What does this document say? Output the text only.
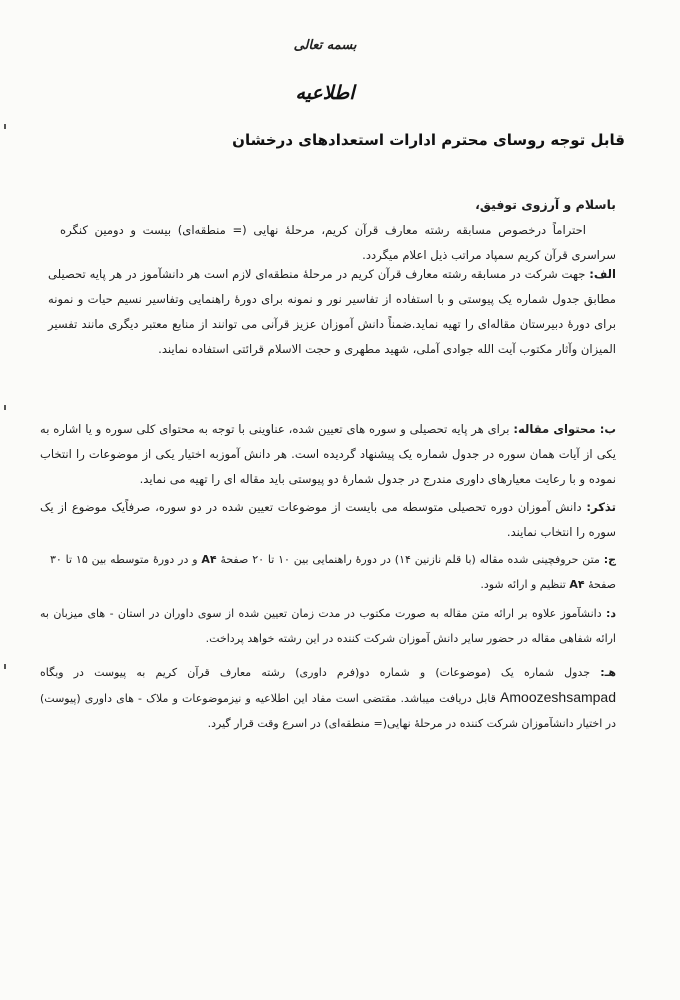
بسمه تعالی
اطلاعیه
قابل توجه روسای محترم ادارات استعدادهای درخشان
باسلام و آرزوی توفیق،
احتراماً درخصوص مسابقه رشته معارف قرآن کریم، مرحلۀ نهایی (= منطقه‌ای) بیست و دومین کنگره سراسری قرآن کریم سمپاد مراتب ذیل اعلام میگردد.
الف: جهت شرکت در مسابقه رشته معارف قرآن کریم در مرحلۀ منطقه‌ای لازم است هر دانشآموز در هر پایه تحصیلی مطابق جدول شماره یک پیوستی و با استفاده از تفاسیر نور و نمونه برای دورۀ راهنمایی وتفاسیر نسیم حیات و نمونه برای دورۀ دبیرستان مقاله‌ای را تهیه نماید.ضمناً دانش آموزان عزیز قرآنی می توانند از منابع معتبر دیگری مانند تفسیر المیزان وآثار مکتوب آیت الله جوادی آملی، شهید مطهری و حجت الاسلام قرائتی استفاده نمایند.
ب: محتوای مقاله: برای هر پایه تحصیلی و سوره های تعیین شده، عناوینی با توجه به محتوای کلی سوره و یا اشاره به یکی از آیات همان سوره در جدول شماره یک پیشنهاد گردیده است. هر دانش آموزبه اختیار یکی از موضوعات را انتخاب نموده و با رعایت معیارهای داوری مندرج در جدول شمارۀ دو پیوستی باید مقاله ای را تهیه می نماید.
تذکر: دانش آموزان دوره تحصیلی متوسطه می بایست از موضوعات تعیین شده در دو سوره، صرفاًیک موضوع از یک سوره را انتخاب نمایند.
ج: متن حروفچینی شده مقاله (با قلم نازنین ۱۴) در دورۀ راهنمایی بین ۱۰ تا ۲۰ صفحۀ A۴ و در دورۀ متوسطه بین ۱۵ تا ۳۰ صفحۀ A۴ تنظیم و ارائه شود.
د: دانشآموز علاوه بر ارائه متن مقاله به صورت مکتوب در مدت زمان تعیین شده از سوی داوران در استان - های میزبان به ارائه شفاهی مقاله در حضور سایر دانش آموزان شرکت کننده در این رشته خواهد پرداخت.
هـ: جدول شماره یک (موضوعات) و شماره دو(فرم داوری) رشته معارف قرآن کریم به پیوست در وبگاه Amoozeshsampad قابل دریافت میباشد. مقتضی است مفاد این اطلاعیه و نیزموضوعات و ملاک - های داوری (پیوست) در اختیار دانشآموزان شرکت کننده در مرحلۀ نهایی(= منطقه‌ای) در اسرع وقت قرار گیرد.
